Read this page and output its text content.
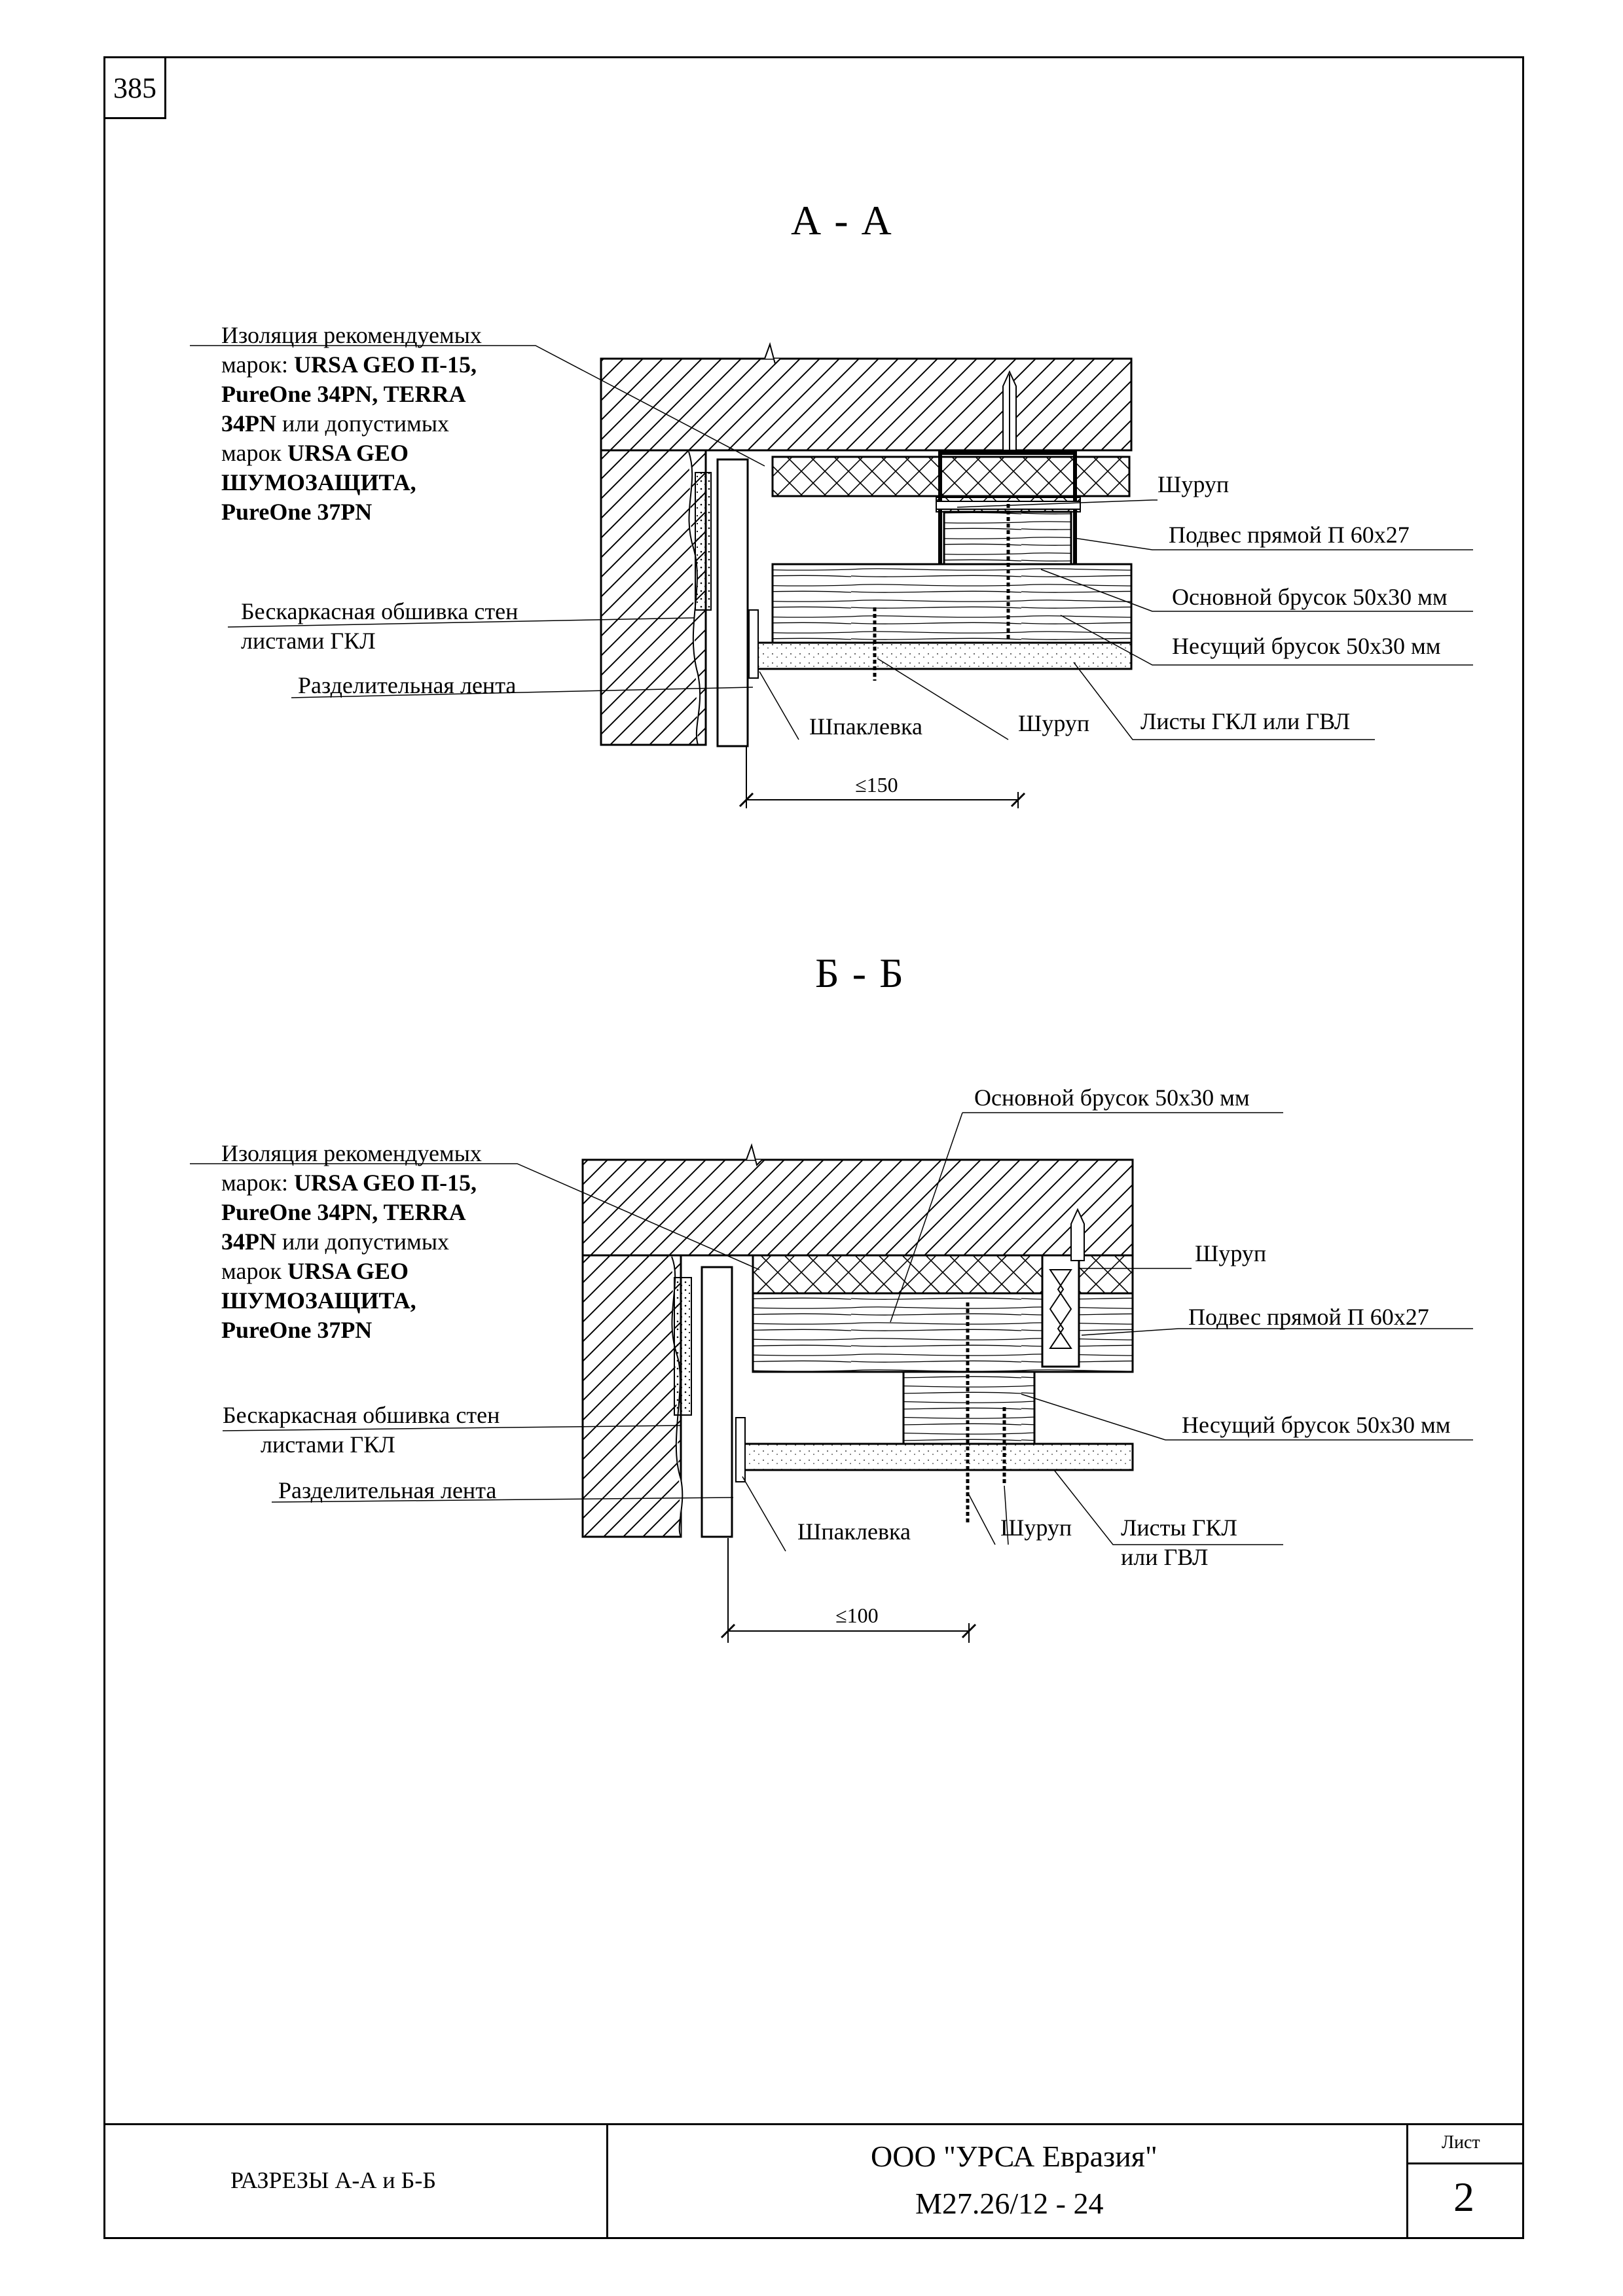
385
А - А
Изоляция рекомендуемых
марок: URSA GEO П-15,
PureOne 34PN, TERRA
34PN или допустимых
марок URSA GEO
ШУМОЗАЩИТА,
PureOne 37PN
Шуруп
Подвес прямой П 60х27
Основной брусок 50х30 мм
Несущий брусок 50х30 мм
Бескаркасная обшивка стен
листами ГКЛ
Разделительная лента
Шпаклевка	Шуруп Листы ГКЛ или ГВЛ
≤150
Б - Б
Основной брусок 50х30 мм
Изоляция рекомендуемых
марок: URSA GEO П-15,
PureOne 34PN, TERRA
34PN или допустимых
марок URSA GEO
ШУМОЗАЩИТА,
PureOne 37PN
Шуруп
Подвес прямой П 60х27
Несущий брусок 50х30 мм
Бескаркасная обшивка стен
листами ГКЛ
Разделительная лента
Шпаклевка	Шуруп Листы ГКЛ
или ГВЛ
≤100
РАЗРЕЗЫ А-А и Б-Б
ООО "УРСА Евразия"
М27.26/12 - 24
Лист
2
